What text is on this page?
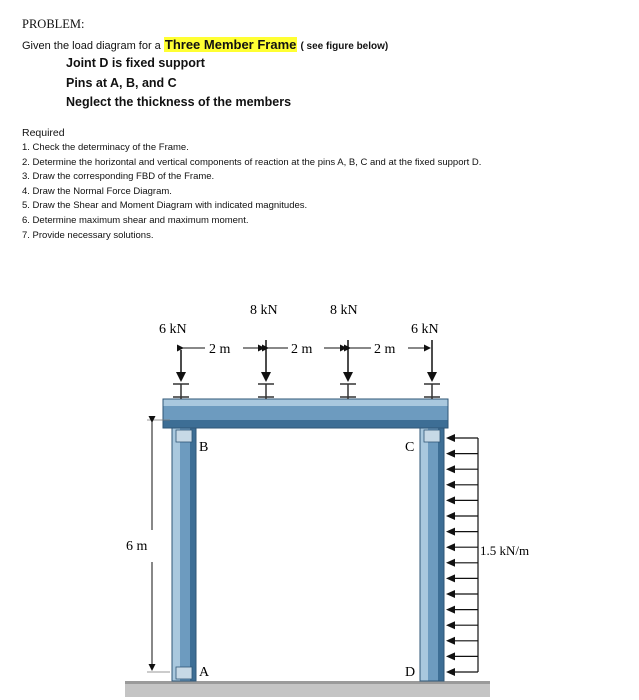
PROBLEM:
Given the load diagram for a Three Member Frame ( see figure below)
Joint D is fixed support
Pins at A, B, and C
Neglect the thickness of the members
Required
1. Check the determinacy of the Frame.
2. Determine the horizontal and vertical components of reaction at the pins A, B, C and at the fixed support D.
3. Draw the corresponding FBD of the Frame.
4. Draw the Normal Force Diagram.
5. Draw the Shear and Moment Diagram with indicated magnitudes.
6. Determine maximum shear and maximum moment.
7. Provide necessary solutions.
6 kN
8 kN	8 kN
6 kN
2 m	2 m	2 m
6 m	1.5 kN/m
B	C
A	D
